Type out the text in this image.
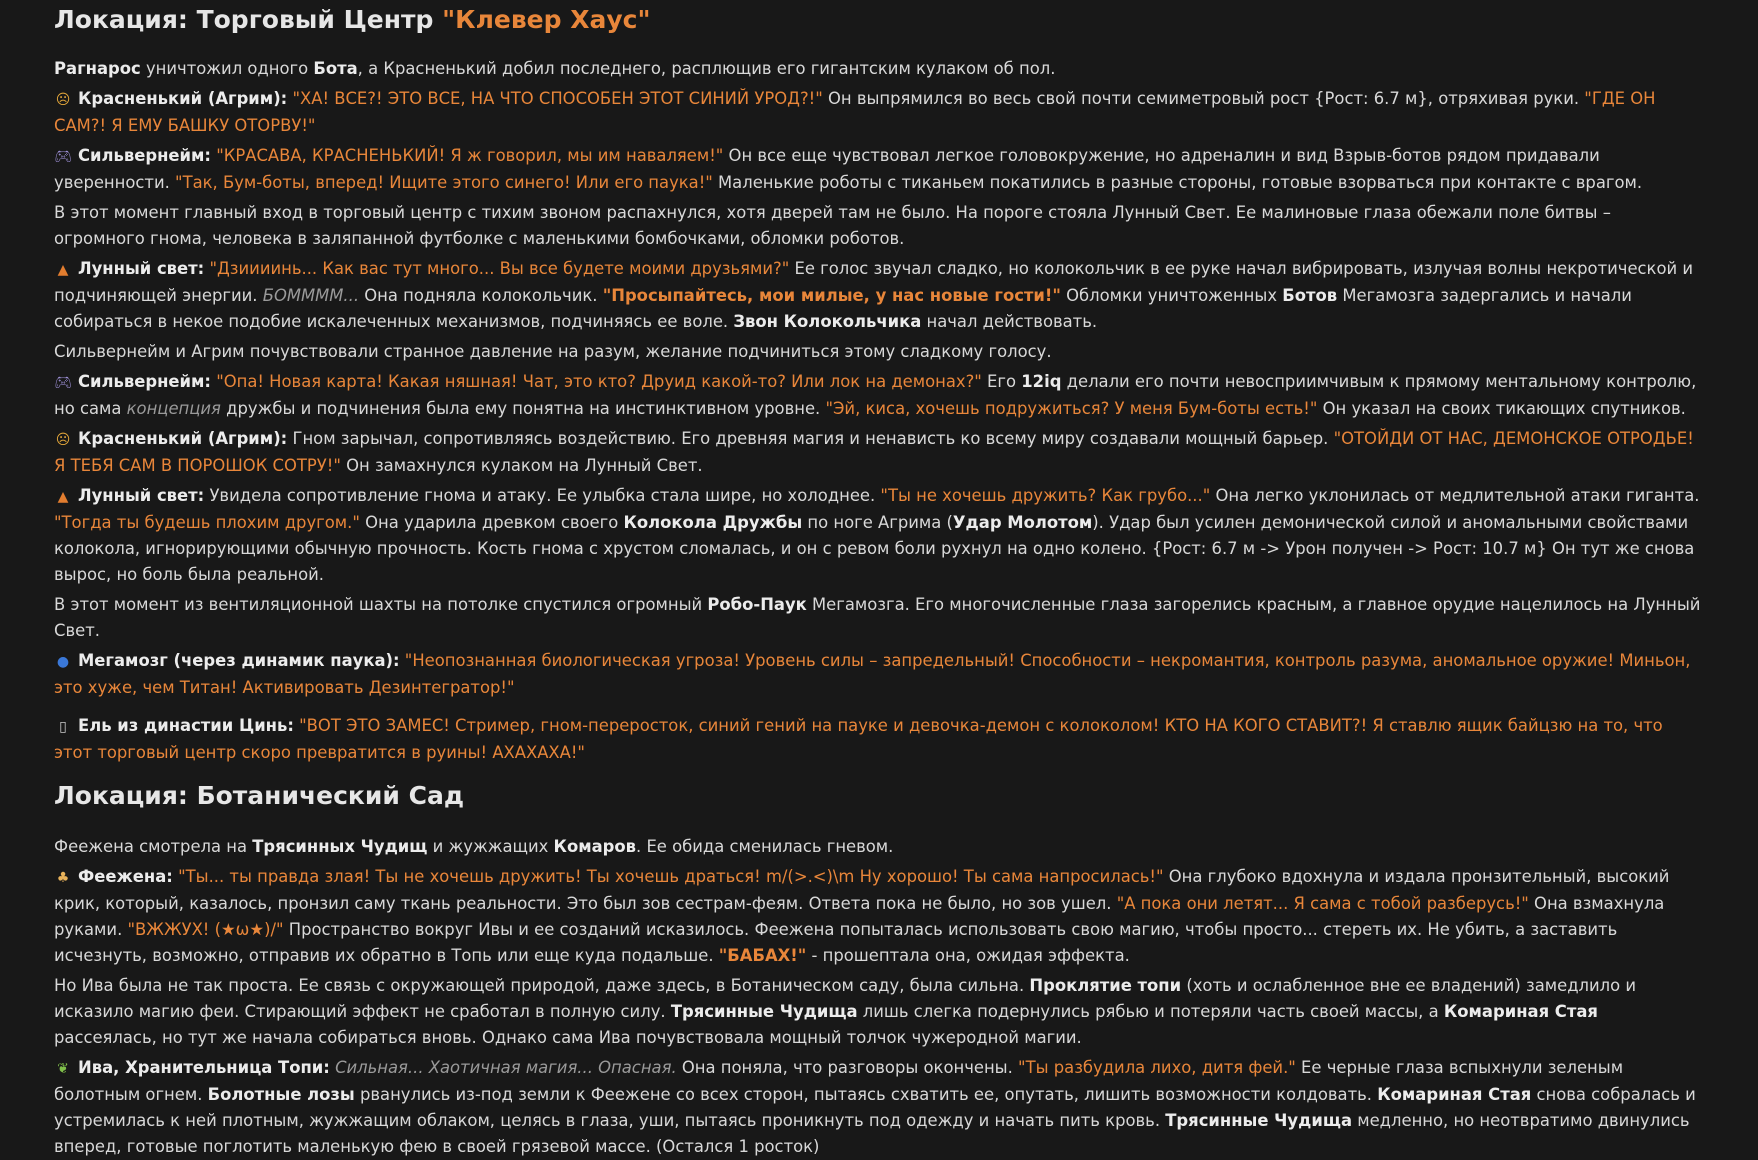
Локация: Торговый Центр "Клевер Хаус"

Рагнарос уничтожил одного Бота, а Красненький добил последнего, расплющив его гигантским кулаком об пол.

☹ Красненький (Агрим): "ХА! ВСЕ?! ЭТО ВСЕ, НА ЧТО СПОСОБЕН ЭТОТ СИНИЙ УРОД?!" Он выпрямился во весь свой почти семиметровый рост {Рост: 6.7 м}, отряхивая руки. "ГДЕ ОН САМ?! Я ЕМУ БАШКУ ОТОРВУ!"

🎮︎ Сильвернейм: "КРАСАВА, КРАСНЕНЬКИЙ! Я ж говорил, мы им наваляем!" Он все еще чувствовал легкое головокружение, но адреналин и вид Взрыв-ботов рядом придавали уверенности. "Так, Бум-боты, вперед! Ищите этого синего! Или его паука!" Маленькие роботы с тиканьем покатились в разные стороны, готовые взорваться при контакте с врагом.

В этот момент главный вход в торговый центр с тихим звоном распахнулся, хотя дверей там не было. На пороге стояла Лунный Свет. Ее малиновые глаза обежали поле битвы – огромного гнома, человека в заляпанной футболке с маленькими бомбочками, обломки роботов.

▲ Лунный свет: "Дзиииинь... Как вас тут много... Вы все будете моими друзьями?" Ее голос звучал сладко, но колокольчик в ее руке начал вибрировать, излучая волны некротической и подчиняющей энергии. БОММММ... Она подняла колокольчик. "Просыпайтесь, мои милые, у нас новые гости!" Обломки уничтоженных Ботов Мегамозга задергались и начали собираться в некое подобие искалеченных механизмов, подчиняясь ее воле. Звон Колокольчика начал действовать.

Сильвернейм и Агрим почувствовали странное давление на разум, желание подчиниться этому сладкому голосу.

🎮︎ Сильвернейм: "Опа! Новая карта! Какая няшная! Чат, это кто? Друид какой-то? Или лок на демонах?" Его 12iq делали его почти невосприимчивым к прямому ментальному контролю, но сама концепция дружбы и подчинения была ему понятна на инстинктивном уровне. "Эй, киса, хочешь подружиться? У меня Бум-боты есть!" Он указал на своих тикающих спутников.

☹ Красненький (Агрим): Гном зарычал, сопротивляясь воздействию. Его древняя магия и ненависть ко всему миру создавали мощный барьер. "ОТОЙДИ ОТ НАС, ДЕМОНСКОЕ ОТРОДЬЕ! Я ТЕБЯ САМ В ПОРОШОК СОТРУ!" Он замахнулся кулаком на Лунный Свет.

▲ Лунный свет: Увидела сопротивление гнома и атаку. Ее улыбка стала шире, но холоднее. "Ты не хочешь дружить? Как грубо..." Она легко уклонилась от медлительной атаки гиганта. "Тогда ты будешь плохим другом." Она ударила древком своего Колокола Дружбы по ноге Агрима (Удар Молотом). Удар был усилен демонической силой и аномальными свойствами колокола, игнорирующими обычную прочность. Кость гнома с хрустом сломалась, и он с ревом боли рухнул на одно колено. {Рост: 6.7 м -> Урон получен -> Рост: 10.7 м} Он тут же снова вырос, но боль была реальной.

В этот момент из вентиляционной шахты на потолке спустился огромный Робо-Паук Мегамозга. Его многочисленные глаза загорелись красным, а главное орудие нацелилось на Лунный Свет.

● Мегамозг (через динамик паука): "Неопознанная биологическая угроза! Уровень силы – запредельный! Способности – некромантия, контроль разума, аномальное оружие! Миньон, это хуже, чем Титан! Активировать Дезинтегратор!"

▯ Ель из династии Цинь: "ВОТ ЭТО ЗАМЕС! Стример, гном-переросток, синий гений на пауке и девочка-демон с колоколом! КТО НА КОГО СТАВИТ?! Я ставлю ящик байцзю на то, что этот торговый центр скоро превратится в руины! АХАХАХА!"

Локация: Ботанический Сад

Феежена смотрела на Трясинных Чудищ и жужжащих Комаров. Ее обида сменилась гневом.

♣ Феежена: "Ты... ты правда злая! Ты не хочешь дружить! Ты хочешь драться! m/(>.<)\m Ну хорошо! Ты сама напросилась!" Она глубоко вдохнула и издала пронзительный, высокий крик, который, казалось, пронзил саму ткань реальности. Это был зов сестрам-феям. Ответа пока не было, но зов ушел. "А пока они летят... Я сама с тобой разберусь!" Она взмахнула руками. "ВЖЖУХ! (★ω★)/" Пространство вокруг Ивы и ее созданий исказилось. Феежена попыталась использовать свою магию, чтобы просто... стереть их. Не убить, а заставить исчезнуть, возможно, отправив их обратно в Топь или еще куда подальше. "БАБАХ!" - прошептала она, ожидая эффекта.

Но Ива была не так проста. Ее связь с окружающей природой, даже здесь, в Ботаническом саду, была сильна. Проклятие топи (хоть и ослабленное вне ее владений) замедлило и исказило магию феи. Стирающий эффект не сработал в полную силу. Трясинные Чудища лишь слегка подернулись рябью и потеряли часть своей массы, а Комариная Стая рассеялась, но тут же начала собираться вновь. Однако сама Ива почувствовала мощный толчок чужеродной магии.

❦ Ива, Хранительница Топи: Сильная... Хаотичная магия... Опасная. Она поняла, что разговоры окончены. "Ты разбудила лихо, дитя фей." Ее черные глаза вспыхнули зеленым болотным огнем. Болотные лозы рванулись из-под земли к Феежене со всех сторон, пытаясь схватить ее, опутать, лишить возможности колдовать. Комариная Стая снова собралась и устремилась к ней плотным, жужжащим облаком, целясь в глаза, уши, пытаясь проникнуть под одежду и начать пить кровь. Трясинные Чудища медленно, но неотвратимо двинулись вперед, готовые поглотить маленькую фею в своей грязевой массе. (Остался 1 росток)
